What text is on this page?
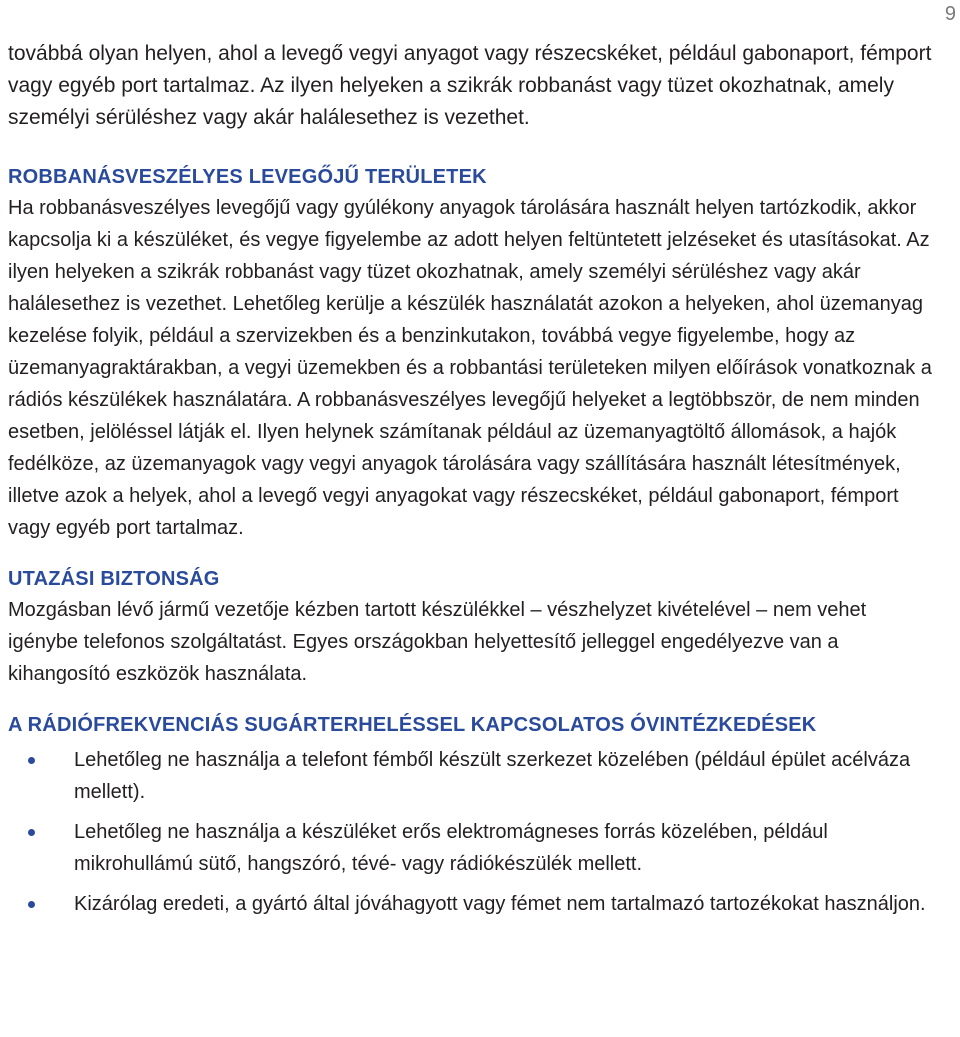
9

továbbá olyan helyen, ahol a levegő vegyi anyagot vagy részecskéket, például gabonaport, fémport vagy egyéb port tartalmaz. Az ilyen helyeken a szikrák robbanást vagy tüzet okozhatnak, amely személyi sérüléshez vagy akár halálesethez is vezethet.

ROBBANÁSVESZÉLYES LEVEGŐJŰ TERÜLETEK

Ha robbanásveszélyes levegőjű vagy gyúlékony anyagok tárolására használt helyen tartózkodik, akkor kapcsolja ki a készüléket, és vegye figyelembe az adott helyen feltüntetett jelzéseket és utasításokat. Az ilyen helyeken a szikrák robbanást vagy tüzet okozhatnak, amely személyi sérüléshez vagy akár halálesethez is vezethet. Lehetőleg kerülje a készülék használatát azokon a helyeken, ahol üzemanyag kezelése folyik, például a szervizekben és a benzinkutakon, továbbá vegye figyelembe, hogy az üzemanyagraktárakban, a vegyi üzemekben és a robbantási területeken milyen előírások vonatkoznak a rádiós készülékek használatára. A robbanásveszélyes levegőjű helyeket a legtöbbször, de nem minden esetben, jelöléssel látják el. Ilyen helynek számítanak például az üzemanyagtöltő állomások, a hajók fedélközе, az üzemanyagok vagy vegyi anyagok tárolására vagy szállítására használt létesítmények, illetve azok a helyek, ahol a levegő vegyi anyagokat vagy részecskéket, például gabonaport, fémport vagy egyéb port tartalmaz.

UTAZÁSI BIZTONSÁG

Mozgásban lévő jármű vezetője kézben tartott készülékkel – vészhelyzet kivételével – nem vehet igénybe telefonos szolgáltatást. Egyes országokban helyettesítő jelleggel engedélyezve van a kihangosító eszközök használata.

A RÁDIÓFREKVENCIÁS SUGÁRTERHELÉSSEL KAPCSOLATOS ÓVINTÉZKEDÉSEK
Lehetőleg ne használja a telefont fémből készült szerkezet közelében (például épület acélváza mellett).
Lehetőleg ne használja a készüléket erős elektromágneses forrás közelében, például mikrohullámú sütő, hangszóró, tévé- vagy rádiókészülék mellett.
Kizárólag eredeti, a gyártó által jóváhagyott vagy fémet nem tartalmazó tartozékokat használjon.
